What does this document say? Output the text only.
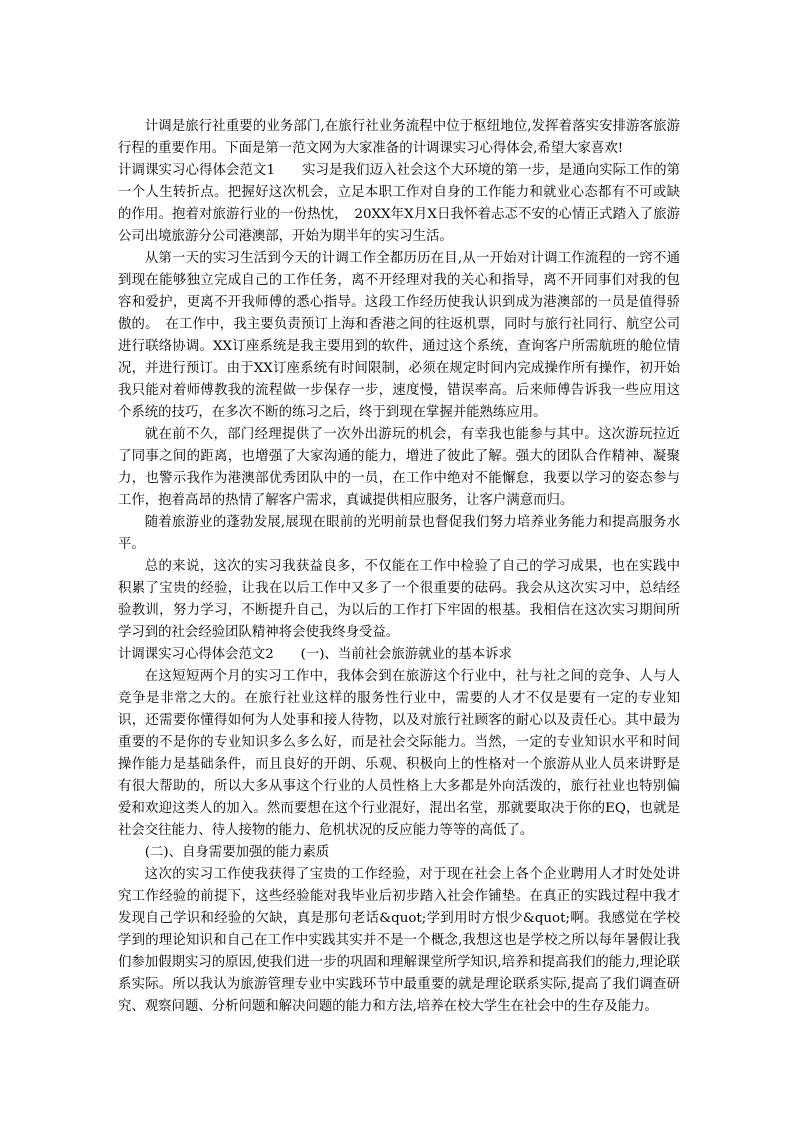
计调是旅行社重要的业务部门,在旅行社业务流程中位于枢纽地位,发挥着落实安排游客旅游行程的重要作用。下面是第一范文网为大家准备的计调课实习心得体会,希望大家喜欢!

计调课实习心得体会范文1　　实习是我们迈入社会这个大环境的第一步，是通向实际工作的第一个人生转折点。把握好这次机会，立足本职工作对自身的工作能力和就业心态都有不可或缺的作用。抱着对旅游行业的一份热忱，　20XX年X月X日我怀着忐忑不安的心情正式踏入了旅游公司出境旅游分公司港澳部，开始为期半年的实习生活。

从第一天的实习生活到今天的计调工作全都历历在目,从一开始对计调工作流程的一窍不通到现在能够独立完成自己的工作任务，离不开经理对我的关心和指导，离不开同事们对我的包容和爱护，更离不开我师傅的悉心指导。这段工作经历使我认识到成为港澳部的一员是值得骄傲的。　在工作中，我主要负责预订上海和香港之间的往返机票，同时与旅行社同行、航空公司进行联络协调。XX订座系统是我主要用到的软件，通过这个系统，查询客户所需航班的舱位情况，并进行预订。由于XX订座系统有时间限制，必须在规定时间内完成操作所有操作，初开始我只能对着师傅教我的流程做一步保存一步，速度慢，错误率高。后来师傅告诉我一些应用这个系统的技巧，在多次不断的练习之后，终于到现在掌握并能熟练应用。

就在前不久，部门经理提供了一次外出游玩的机会，有幸我也能参与其中。这次游玩拉近了同事之间的距离，也增强了大家沟通的能力，增进了彼此了解。强大的团队合作精神、凝聚力，也警示我作为港澳部优秀团队中的一员，在工作中绝对不能懈怠，我要以学习的姿态参与工作，抱着高昂的热情了解客户需求，真诚提供相应服务，让客户满意而归。

随着旅游业的蓬勃发展,展现在眼前的光明前景也督促我们努力培养业务能力和提高服务水平。

总的来说，这次的实习我获益良多，不仅能在工作中检验了自己的学习成果，也在实践中积累了宝贵的经验，让我在以后工作中又多了一个很重要的砝码。我会从这次实习中，总结经验教训，努力学习，不断提升自己，为以后的工作打下牢固的根基。我相信在这次实习期间所学习到的社会经验团队精神将会使我终身受益。

计调课实习心得体会范文2　　(一)、当前社会旅游就业的基本诉求

在这短短两个月的实习工作中，我体会到在旅游这个行业中，社与社之间的竞争、人与人竞争是非常之大的。在旅行社业这样的服务性行业中，需要的人才不仅是要有一定的专业知识，还需要你懂得如何为人处事和接人待物，以及对旅行社顾客的耐心以及责任心。其中最为重要的不是你的专业知识多么多么好，而是社会交际能力。当然，一定的专业知识水平和时间操作能力是基础条件，而且良好的开朗、乐观、积极向上的性格对一个旅游从业人员来讲野是有很大帮助的，所以大多从事这个行业的人员性格上大多都是外向活泼的，旅行社业也特别偏爱和欢迎这类人的加入。然而要想在这个行业混好，混出名堂，那就要取决于你的EQ，也就是社会交往能力、待人接物的能力、危机状况的反应能力等等的高低了。

(二)、自身需要加强的能力素质

这次的实习工作使我获得了宝贵的工作经验，对于现在社会上各个企业聘用人才时处处讲究工作经验的前提下，这些经验能对我毕业后初步踏入社会作铺垫。在真正的实践过程中我才发现自己学识和经验的欠缺，真是那句老话&quot;学到用时方恨少&quot;啊。我感觉在学校学到的理论知识和自己在工作中实践其实并不是一个概念,我想这也是学校之所以每年暑假让我们参加假期实习的原因,使我们进一步的巩固和理解课堂所学知识,培养和提高我们的能力,理论联系实际。所以我认为旅游管理专业中实践环节中最重要的就是理论联系实际,提高了我们调查研究、观察问题、分析问题和解决问题的能力和方法,培养在校大学生在社会中的生存及能力。
